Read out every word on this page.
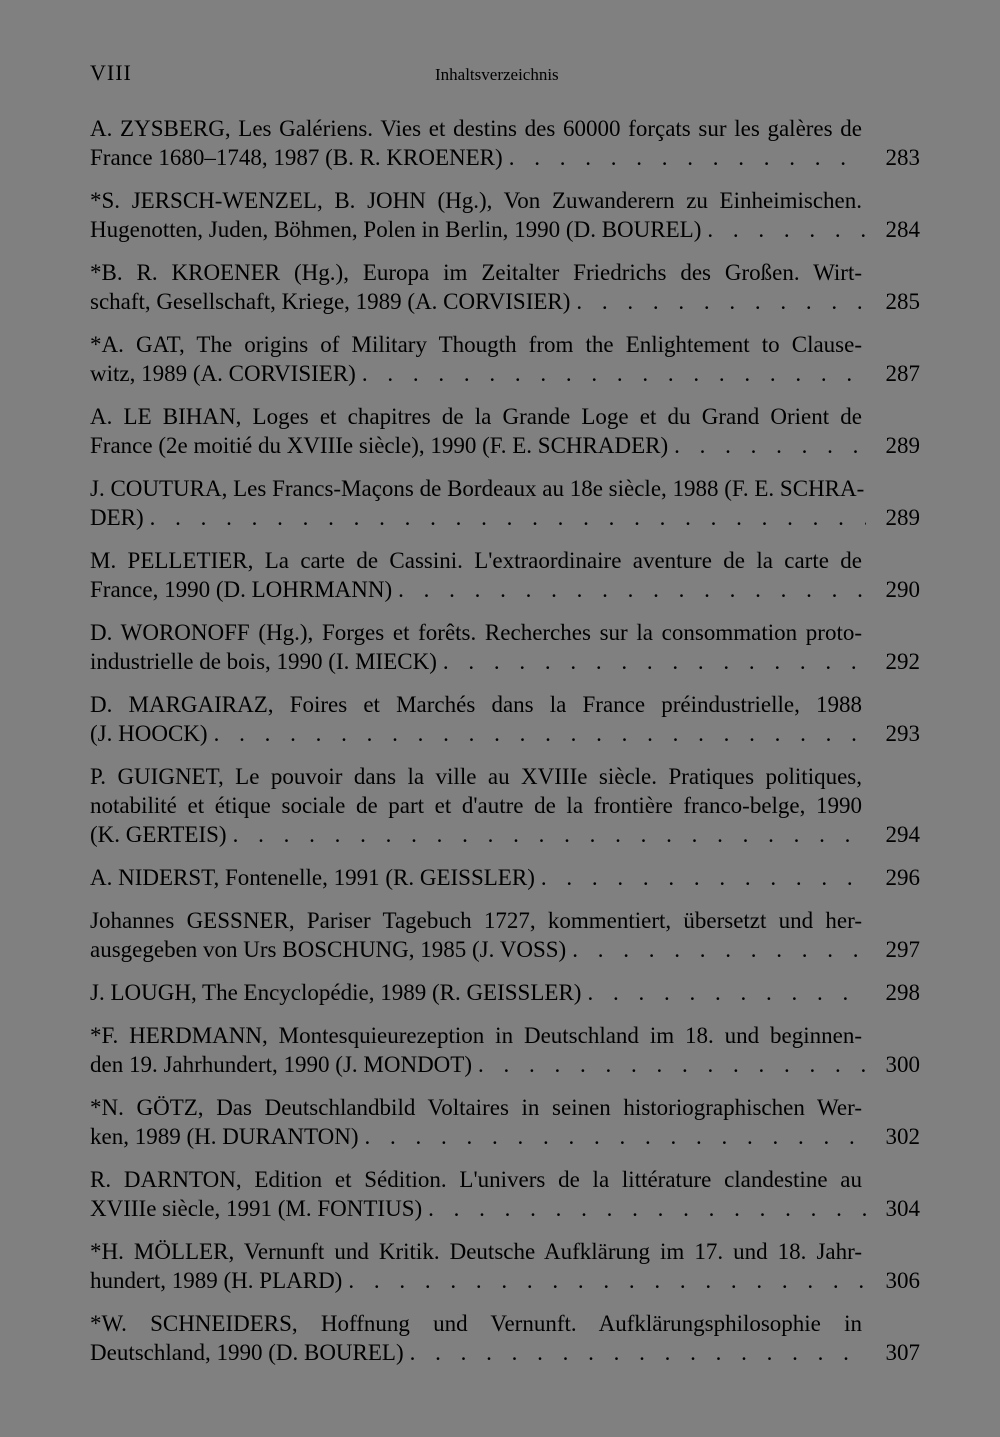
VIII	Inhaltsverzeichnis
A. ZYSBERG, Les Galériens. Vies et destins des 60000 forçats sur les galères de
France 1680–1748, 1987 (B. R. KROENER) . . .	283
*S. JERSCH-WENZEL, B. JOHN (Hg.), Von Zuwanderern zu Einheimischen.
Hugenotten, Juden, Böhmen, Polen in Berlin, 1990 (D. BOUREL) . . .	284
*B. R. KROENER (Hg.), Europa im Zeitalter Friedrichs des Großen. Wirt-
schaft, Gesellschaft, Kriege, 1989 (A. CORVISIER) . . .	285
*A. GAT, The origins of Military Thougth from the Enlightement to Clause-
witz, 1989 (A. CORVISIER) . . .	287
A. LE BIHAN, Loges et chapitres de la Grande Loge et du Grand Orient de
France (2e moitié du XVIIIe siècle), 1990 (F. E. SCHRADER) . . .	289
J. COUTURA, Les Francs-Maçons de Bordeaux au 18e siècle, 1988 (F. E. SCHRA-
DER) . . .	289
M. PELLETIER, La carte de Cassini. L'extraordinaire aventure de la carte de
France, 1990 (D. LOHRMANN) . . .	290
D. WORONOFF (Hg.), Forges et forêts. Recherches sur la consommation proto-
industrielle de bois, 1990 (I. MIECK) . . .	292
D. MARGAIRAZ, Foires et Marchés dans la France préindustrielle, 1988
(J. HOOCK) . . .	293
P. GUIGNET, Le pouvoir dans la ville au XVIIIe siècle. Pratiques politiques,
notabilité et étique sociale de part et d'autre de la frontière franco-belge, 1990
(K. GERTEIS) . . .	294
A. NIDERST, Fontenelle, 1991 (R. GEISSLER) . . .	296
Johannes GESSNER, Pariser Tagebuch 1727, kommentiert, übersetzt und her-
ausgegeben von Urs BOSCHUNG, 1985 (J. VOSS) . . .	297
J. LOUGH, The Encyclopédie, 1989 (R. GEISSLER) . . .	298
*F. HERDMANN, Montesquieurezeption in Deutschland im 18. und beginnen-
den 19. Jahrhundert, 1990 (J. MONDOT) . . .	300
*N. GÖTZ, Das Deutschlandbild Voltaires in seinen historiographischen Wer-
ken, 1989 (H. DURANTON) . . .	302
R. DARNTON, Edition et Sédition. L'univers de la littérature clandestine au
XVIIIe siècle, 1991 (M. FONTIUS) . . .	304
*H. MÖLLER, Vernunft und Kritik. Deutsche Aufklärung im 17. und 18. Jahr-
hundert, 1989 (H. PLARD) . . .	306
*W. SCHNEIDERS, Hoffnung und Vernunft. Aufklärungsphilosophie in
Deutschland, 1990 (D. BOUREL) . . .	307
